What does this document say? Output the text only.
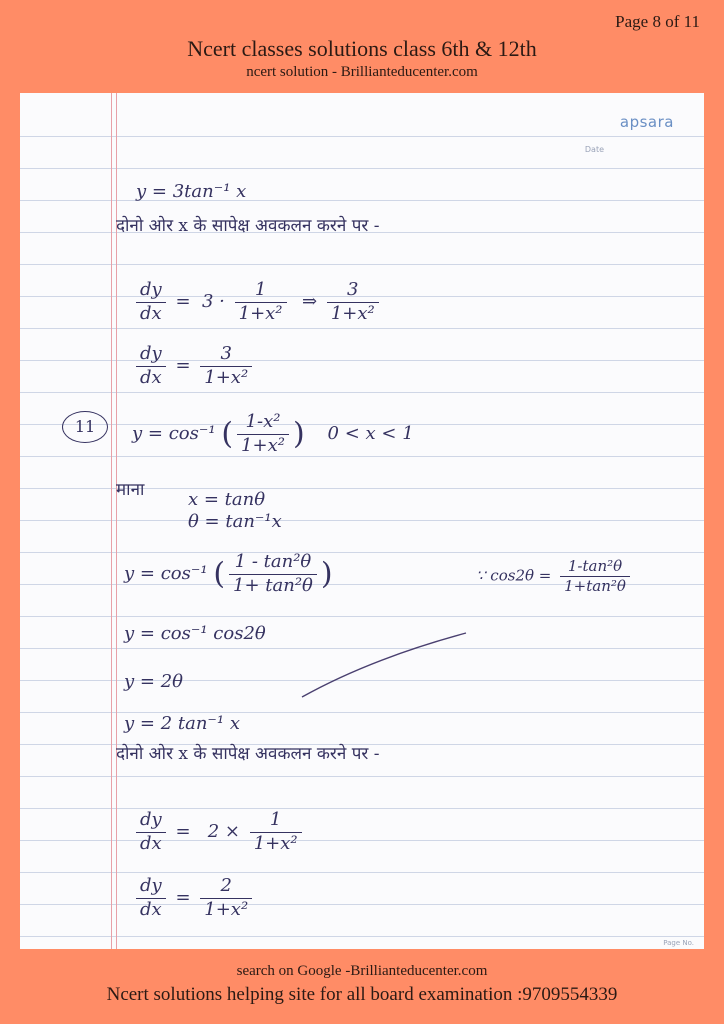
Page 8 of 11
Ncert classes solutions class 6th & 12th
ncert solution - Brillianteducenter.com
apsara
Date
Page No.
y = 3tan⁻¹ x
दोनो ओर x के सापेक्ष अवकलन करने पर -
$\frac{dy}{dx} = 3 \cdot \frac{1}{\text{1+x²}}$ ⇒ $\frac{3}{\text{1+x²}}$
$\frac{dy}{dx} = \frac{3}{\text{1+x²}}$
11	y = cos⁻¹ ( $\frac{\text{1-x²}}{\text{1+x²}}$ ) 0 < x < 1
माना x = tanθ
θ = tan⁻¹x
y = cos⁻¹ ( $\frac{\text{1 - tan²θ}}{\text{1+ tan²θ}}$ )	∵ $\cos 2\theta = \frac{\text{1-tan²θ}}{\text{1+tan²θ}}$
y = cos⁻¹ cos2θ
y = 2θ
y = 2 tan⁻¹ x
दोनो ओर x के सापेक्ष अवकलन करने पर -
$\frac{dy}{dx} = 2 \times \frac{1}{\text{1+x²}}$
$\frac{dy}{dx} = \frac{2}{\text{1+x²}}$
search on Google -Brillianteducenter.com
Ncert solutions helping site for all board examination :9709554339
